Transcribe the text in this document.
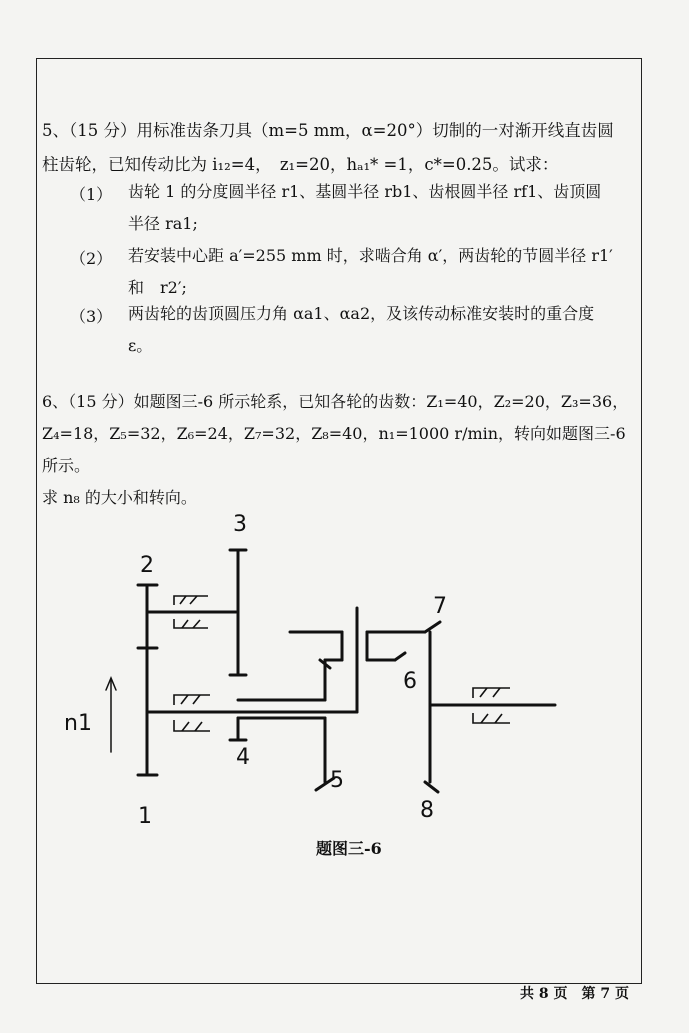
5、（15 分）用标准齿条刀具（m=5 mm，α=20°）切制的一对渐开线直齿圆
柱齿轮，已知传动比为 i₁₂=4，　z₁=20，hₐ₁* =1，c*=0.25。试求：
（1） 齿轮 1 的分度圆半径 r1、基圆半径 rb1、齿根圆半径 rf1、齿顶圆
半径 ra1;
（2） 若安装中心距 a′=255 mm 时，求啮合角 α′，两齿轮的节圆半径 r1′
和　r2′;
（3） 两齿轮的齿顶圆压力角 αa1、αa2，及该传动标准安装时的重合度
ε。
6、（15 分）如题图三-6 所示轮系，已知各轮的齿数：Z₁=40，Z₂=20，Z₃=36，
Z₄=18，Z₅=32，Z₆=24，Z₇=32，Z₈=40，n₁=1000 r/min，转向如题图三-6 所示。
求 n₈ 的大小和转向。
1
2
3
4
5
6
7
8
n1
题图三-6
共 8 页　第 7 页
